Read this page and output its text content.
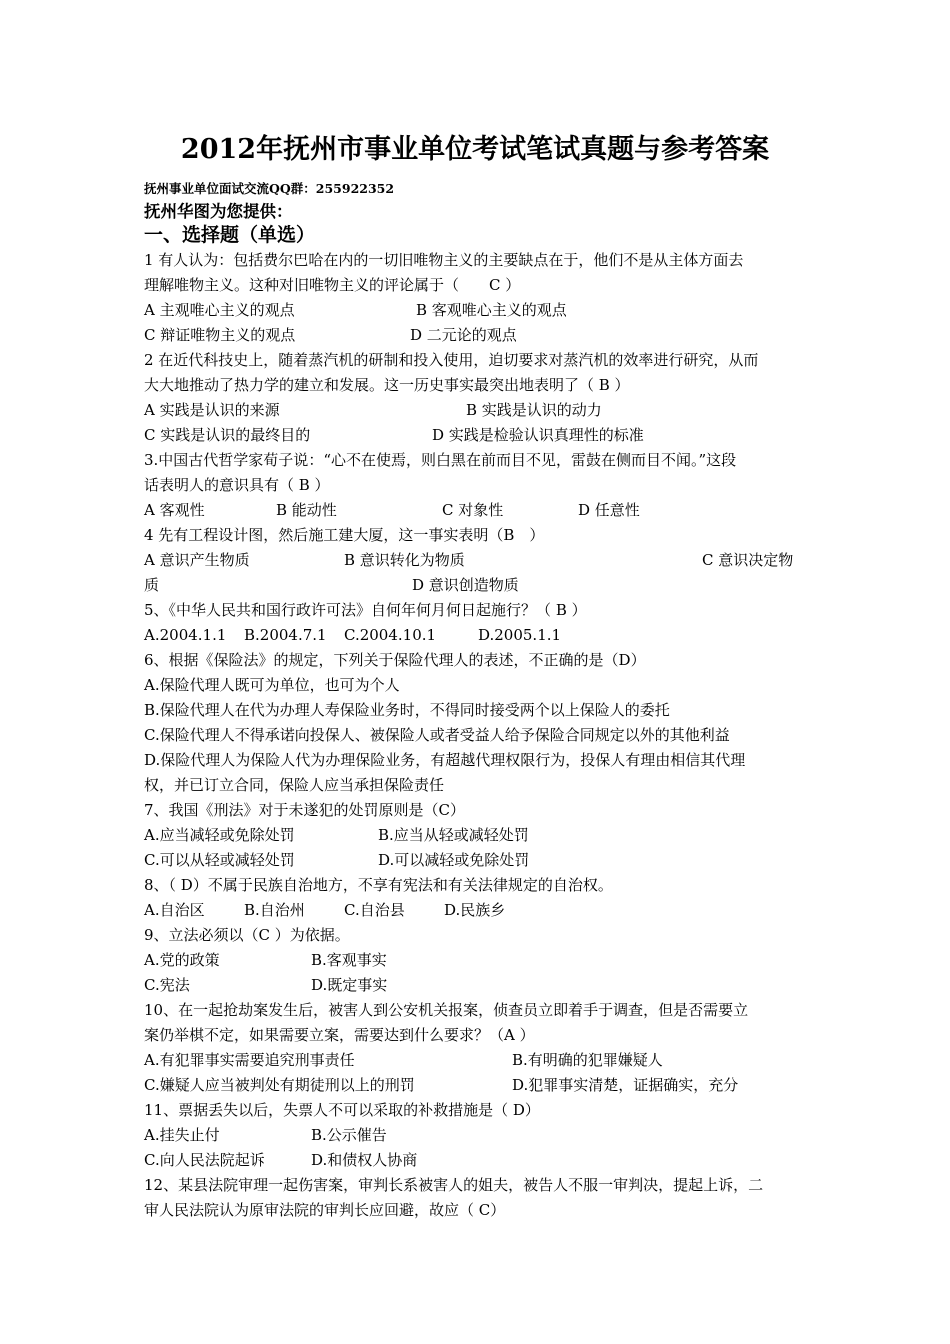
2012年抚州市事业单位考试笔试真题与参考答案
抚州事业单位面试交流QQ群：255922352
抚州华图为您提供：
一、选择题（单选）
1 有人认为：包括费尔巴哈在内的一切旧唯物主义的主要缺点在于，他们不是从主体方面去
理解唯物主义。这种对旧唯物主义的评论属于（　　C ）
A 主观唯心主义的观点	B 客观唯心主义的观点
C 辩证唯物主义的观点	D 二元论的观点
2 在近代科技史上，随着蒸汽机的研制和投入使用，迫切要求对蒸汽机的效率进行研究，从而
大大地推动了热力学的建立和发展。这一历史事实最突出地表明了（ B ）
A 实践是认识的来源	B 实践是认识的动力
C 实践是认识的最终目的	D 实践是检验认识真理性的标准
3.中国古代哲学家荀子说：“心不在使焉，则白黑在前而目不见，雷鼓在侧而目不闻。”这段
话表明人的意识具有（ B ）
A 客观性	B 能动性	C 对象性	D 任意性
4 先有工程设计图，然后施工建大厦，这一事实表明（B　）
A 意识产生物质	B 意识转化为物质	C 意识决定物
质	D 意识创造物质
5、《中华人民共和国行政许可法》自何年何月何日起施行？（ B ）
A.2004.1.1 B.2004.7.1 C.2004.10.1	D.2005.1.1
6、根据《保险法》的规定，下列关于保险代理人的表述，不正确的是（D）
A.保险代理人既可为单位，也可为个人
B.保险代理人在代为办理人寿保险业务时，不得同时接受两个以上保险人的委托
C.保险代理人不得承诺向投保人、被保险人或者受益人给予保险合同规定以外的其他利益
D.保险代理人为保险人代为办理保险业务，有超越代理权限行为，投保人有理由相信其代理
权，并已订立合同，保险人应当承担保险责任
7、我国《刑法》对于未遂犯的处罚原则是（C）
A.应当减轻或免除处罚	B.应当从轻或减轻处罚
C.可以从轻或减轻处罚	D.可以减轻或免除处罚
8、（ D）不属于民族自治地方，不享有宪法和有关法律规定的自治权。
A.自治区	B.自治州	C.自治县	D.民族乡
9、立法必须以（C ）为依据。
A.党的政策	B.客观事实
C.宪法	D.既定事实
10、在一起抢劫案发生后，被害人到公安机关报案，侦查员立即着手于调查，但是否需要立
案仍举棋不定，如果需要立案，需要达到什么要求？（A ）
A.有犯罪事实需要追究刑事责任	B.有明确的犯罪嫌疑人
C.嫌疑人应当被判处有期徒刑以上的刑罚	D.犯罪事实清楚，证据确实，充分
11、票据丢失以后，失票人不可以采取的补救措施是（ D）
A.挂失止付	B.公示催告
C.向人民法院起诉	D.和债权人协商
12、某县法院审理一起伤害案，审判长系被害人的姐夫，被告人不服一审判决，提起上诉，二
审人民法院认为原审法院的审判长应回避，故应（ C）
